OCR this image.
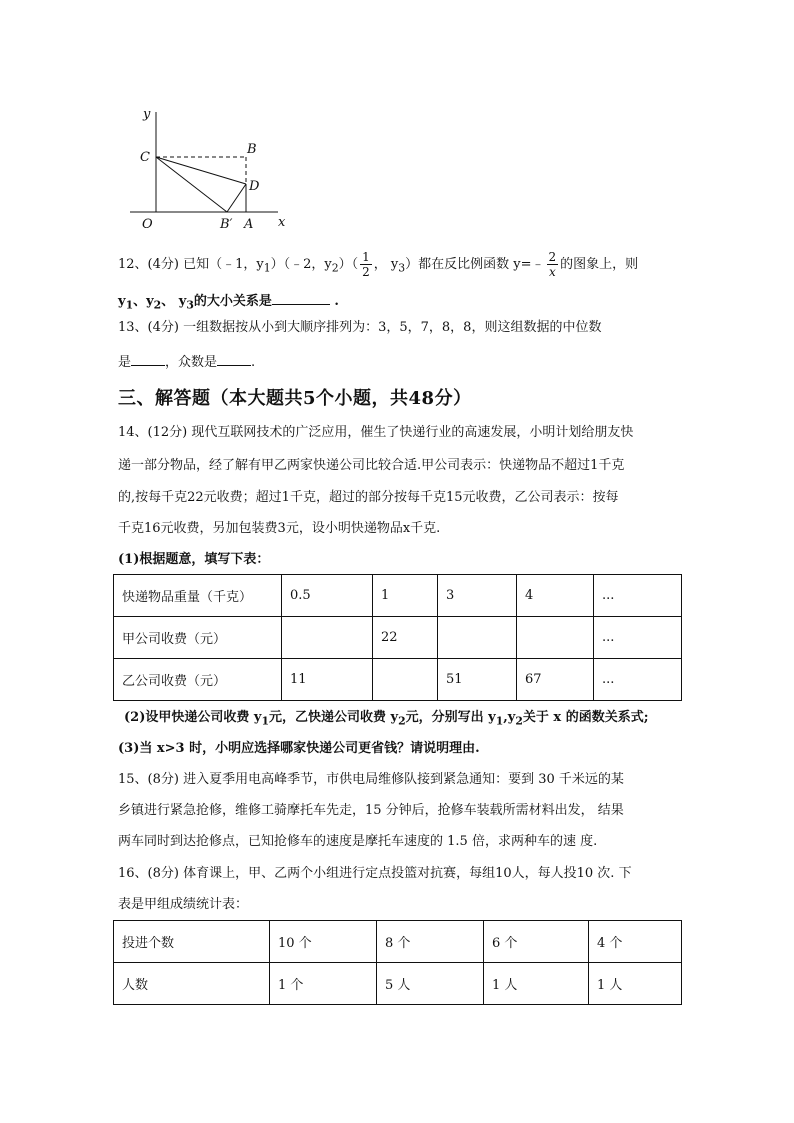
y
x
C
B
D
O	B′ A
12、(4分) 已知（﹣1，$y_1)(﹣2$，$y_2)( \frac{1}{2}$ ， $y_3$）都在反比例函数 y=﹣ $\frac{2}{x}$ 的图象上，则
$y_1$、$y_2$、 $y_3$的大小关系是	.
13、(4分) 一组数据按从小到大顺序排列为：3，5，7，8，8，则这组数据的中位数
是	，众数是	.
三、解答题（本大题共5个小题，共48分）
14、(12分) 现代互联网技术的广泛应用，催生了快递行业的高速发展，小明计划给朋友快
递一部分物品，经了解有甲乙两家快递公司比较合适.甲公司表示：快递物品不超过1千克
的,按每千克22元收费；超过1千克，超过的部分按每千克15元收费，乙公司表示：按每
千克16元收费，另加包装费3元，设小明快递物品x千克.
(1)根据题意，填写下表：
快递物品重量（千克）	0.5	1	3	4	...
甲公司收费（元）		22			...
乙公司收费（元）	11		51	67	...
(2)设甲快递公司收费 $y_1$元，乙快递公司收费 $y_2$元，分别写出 $y_1,y_2$关于 x 的函数关系式;
(3)当 x>3 时，小明应选择哪家快递公司更省钱？请说明理由.
15、(8分) 进入夏季用电高峰季节，市供电局维修队接到紧急通知：要到 30 千米远的某
乡镇进行紧急抢修，维修工骑摩托车先走，15 分钟后，抢修车装载所需材料出发， 结果
两车同时到达抢修点，已知抢修车的速度是摩托车速度的 1.5 倍，求两种车的速 度.
16、(8分) 体育课上，甲、乙两个小组进行定点投篮对抗赛，每组10人，每人投10 次. 下
表是甲组成绩统计表：
投进个数	10 个	8 个	6 个	4 个
人数	1 个	5 人	1 人	1 人
